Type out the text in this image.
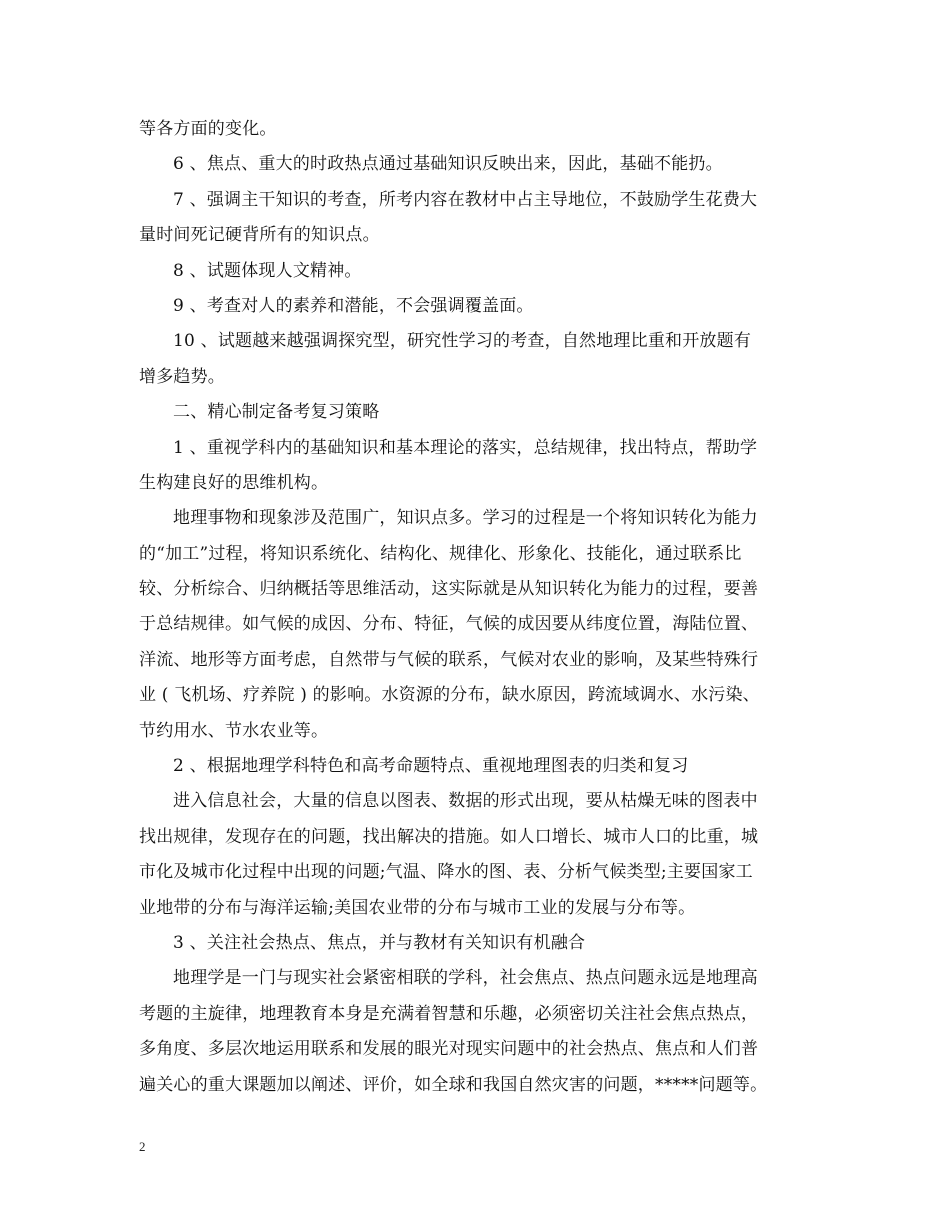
等各方面的变化。
6 、焦点、重大的时政热点通过基础知识反映出来，因此，基础不能扔。
7 、强调主干知识的考查，所考内容在教材中占主导地位，不鼓励学生花费大
量时间死记硬背所有的知识点。
8 、试题体现人文精神。
9 、考查对人的素养和潜能，不会强调覆盖面。
10 、试题越来越强调探究型，研究性学习的考查，自然地理比重和开放题有
增多趋势。
二、精心制定备考复习策略
1 、重视学科内的基础知识和基本理论的落实，总结规律，找出特点，帮助学
生构建良好的思维机构。
地理事物和现象涉及范围广，知识点多。学习的过程是一个将知识转化为能力
的“加工”过程，将知识系统化、结构化、规律化、形象化、技能化，通过联系比
较、分析综合、归纳概括等思维活动，这实际就是从知识转化为能力的过程，要善
于总结规律。如气候的成因、分布、特征，气候的成因要从纬度位置，海陆位置、
洋流、地形等方面考虑，自然带与气候的联系，气候对农业的影响，及某些特殊行
业 ( 飞机场、疗养院 ) 的影响。水资源的分布，缺水原因，跨流域调水、水污染、
节约用水、节水农业等。
2 、根据地理学科特色和高考命题特点、重视地理图表的归类和复习
进入信息社会，大量的信息以图表、数据的形式出现，要从枯燥无味的图表中
找出规律，发现存在的问题，找出解决的措施。如人口增长、城市人口的比重，城
市化及城市化过程中出现的问题;气温、降水的图、表、分析气候类型;主要国家工
业地带的分布与海洋运输;美国农业带的分布与城市工业的发展与分布等。
3 、关注社会热点、焦点，并与教材有关知识有机融合
地理学是一门与现实社会紧密相联的学科，社会焦点、热点问题永远是地理高
考题的主旋律，地理教育本身是充满着智慧和乐趣，必须密切关注社会焦点热点，
多角度、多层次地运用联系和发展的眼光对现实问题中的社会热点、焦点和人们普
遍关心的重大课题加以阐述、评价，如全球和我国自然灾害的问题，*****问题等。
2
